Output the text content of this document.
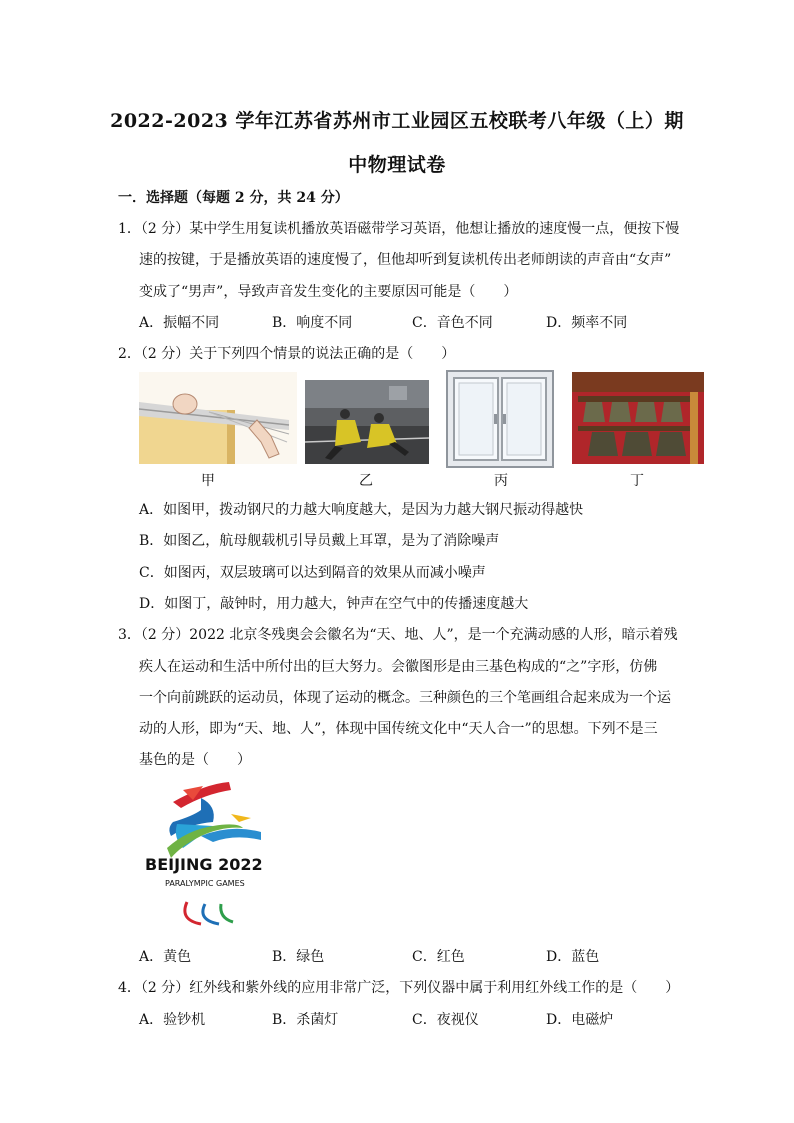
2022-2023 学年江苏省苏州市工业园区五校联考八年级（上）期
中物理试卷
一．选择题（每题 2 分，共 24 分）
1．（2 分）某中学生用复读机播放英语磁带学习英语，他想让播放的速度慢一点，便按下慢
速的按键，于是播放英语的速度慢了，但他却听到复读机传出老师朗读的声音由“女声”
变成了“男声”，导致声音发生变化的主要原因可能是（　　）
A．振幅不同	B．响度不同	C．音色不同	D．频率不同
2．（2 分）关于下列四个情景的说法正确的是（　　）
甲	乙	丙	丁
A．如图甲，拨动钢尺的力越大响度越大，是因为力越大钢尺振动得越快
B．如图乙，航母舰载机引导员戴上耳罩，是为了消除噪声
C．如图丙，双层玻璃可以达到隔音的效果从而减小噪声
D．如图丁，敲钟时，用力越大，钟声在空气中的传播速度越大
3．（2 分）2022 北京冬残奥会会徽名为“天、地、人”，是一个充满动感的人形，暗示着残
疾人在运动和生活中所付出的巨大努力。会徽图形是由三基色构成的“之”字形，仿佛
一个向前跳跃的运动员，体现了运动的概念。三种颜色的三个笔画组合起来成为一个运
动的人形，即为“天、地、人”，体现中国传统文化中“天人合一”的思想。下列不是三
基色的是（　　）
BEIJING 2022
PARALYMPIC GAMES
A．黄色	B．绿色	C．红色	D．蓝色
4．（2 分）红外线和紫外线的应用非常广泛，下列仪器中属于利用红外线工作的是（　　）
A．验钞机	B．杀菌灯	C．夜视仪	D．电磁炉
